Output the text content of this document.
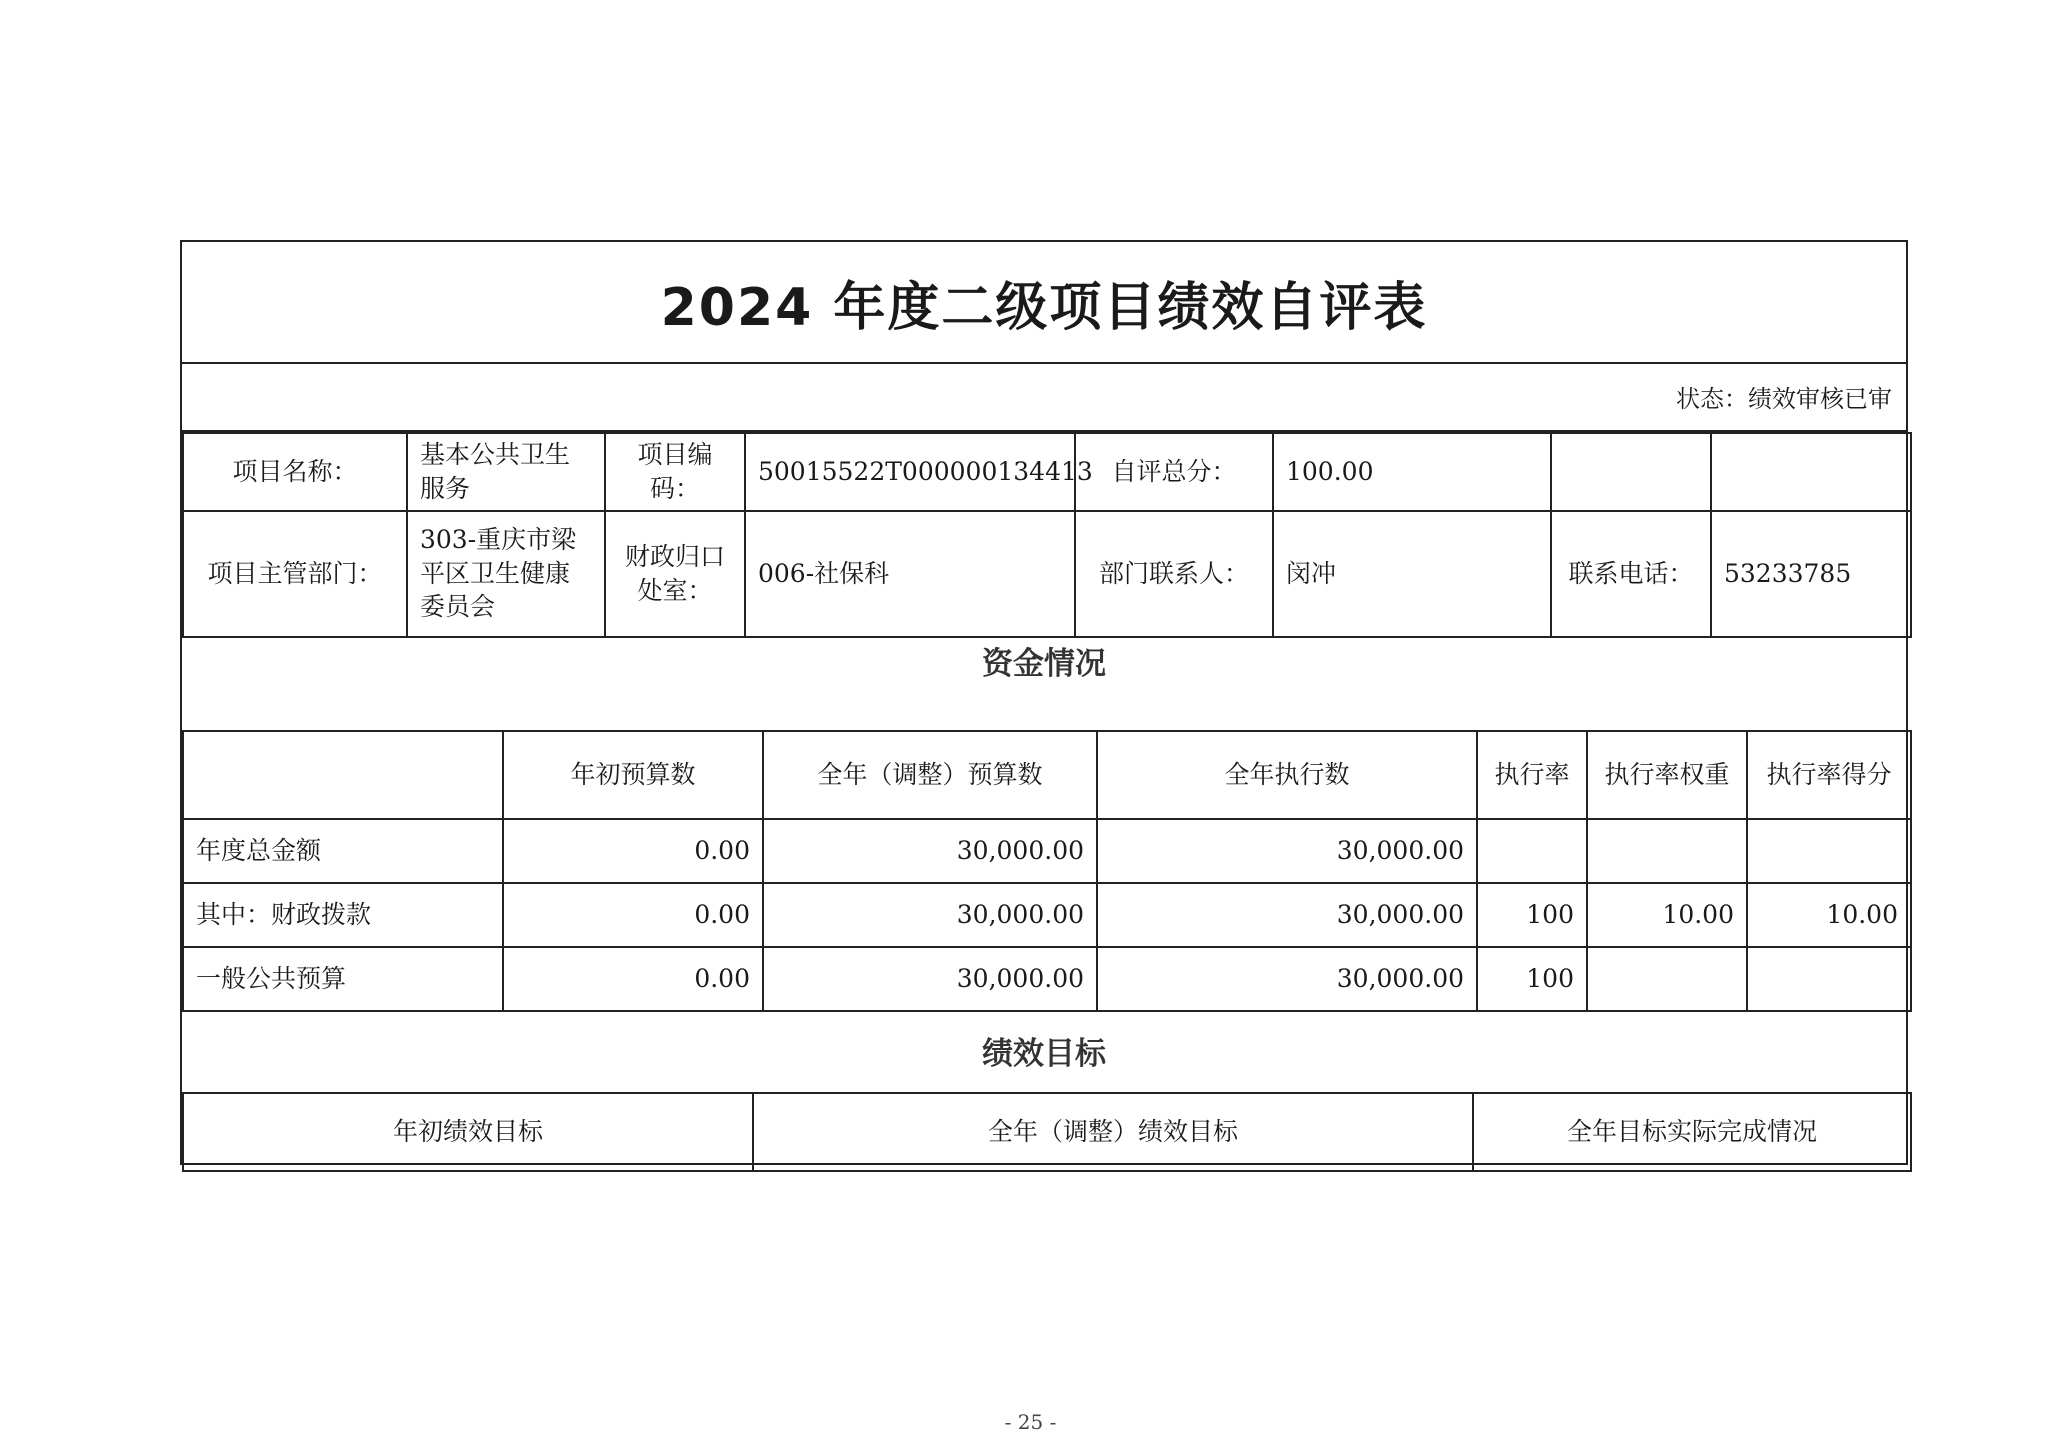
2024 年度二级项目绩效自评表
状态：绩效审核已审
项目名称：	基本公共卫生服务	项目编码：	50015522T000000134413	自评总分：	100.00		
项目主管部门：	303-重庆市梁平区卫生健康委员会	财政归口处室：	006-社保科	部门联系人：	闵冲	联系电话：	53233785
资金情况
	年初预算数	全年（调整）预算数	全年执行数	执行率	执行率权重	执行率得分
年度总金额	0.00	30,000.00	30,000.00			
其中：财政拨款	0.00	30,000.00	30,000.00	100	10.00	10.00
一般公共预算	0.00	30,000.00	30,000.00	100		
绩效目标
年初绩效目标	全年（调整）绩效目标	全年目标实际完成情况
- 25 -
